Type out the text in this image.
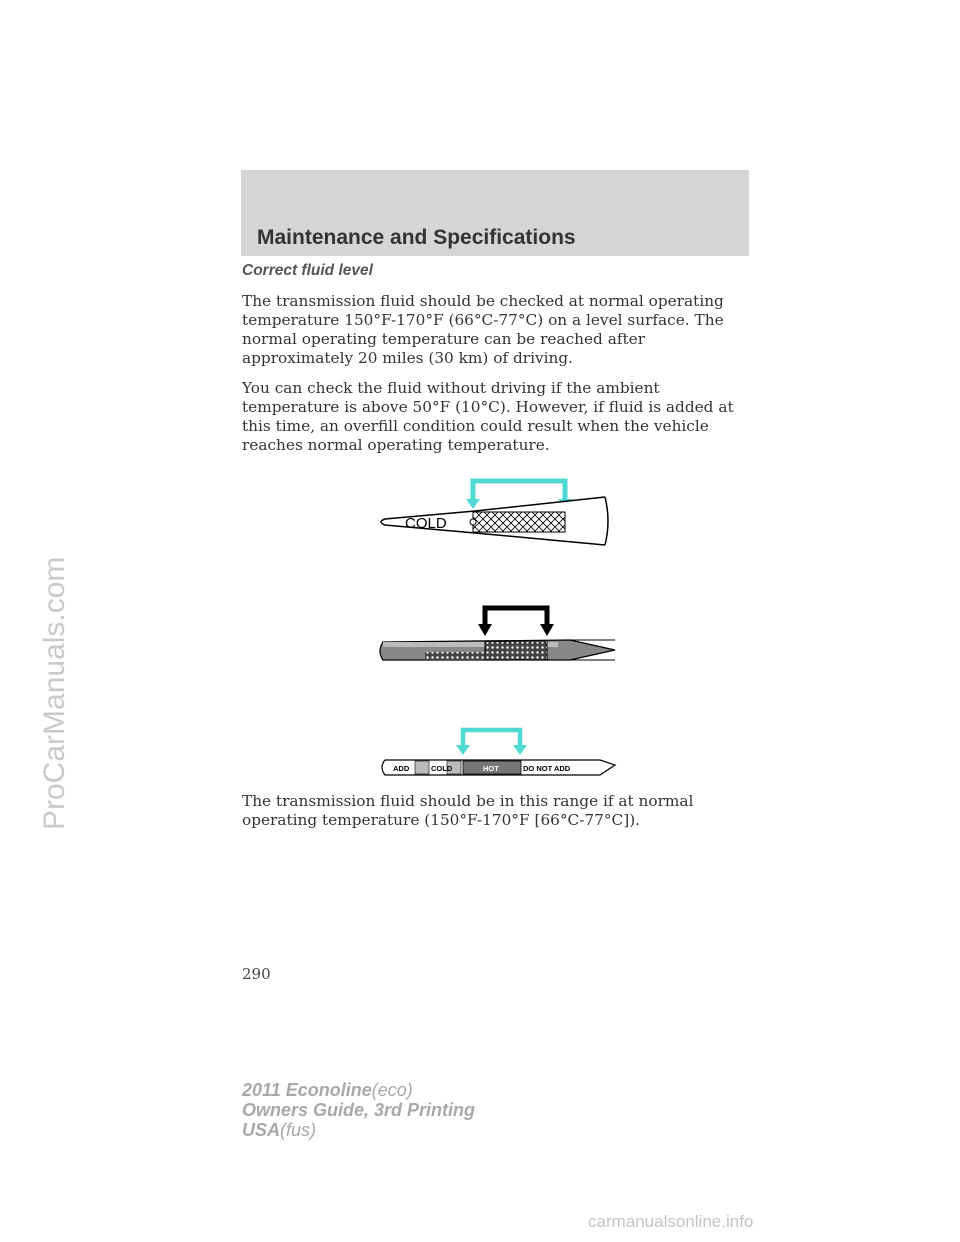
ProCarManuals.com
Maintenance and Specifications

Correct fluid level

The transmission fluid should be checked at normal operating temperature 150°F-170°F (66°C-77°C) on a level surface. The normal operating temperature can be reached after approximately 20 miles (30 km) of driving.

You can check the fluid without driving if the ambient temperature is above 50°F (10°C). However, if fluid is added at this time, an overfill condition could result when the vehicle reaches normal operating temperature.

COLD
ADD	COLD	HOT	DO NOT ADD

The transmission fluid should be in this range if at normal operating temperature (150°F-170°F [66°C-77°C]).

290
2011 Econoline(eco)
Owners Guide, 3rd Printing
USA(fus)
carmanualsonline.info
